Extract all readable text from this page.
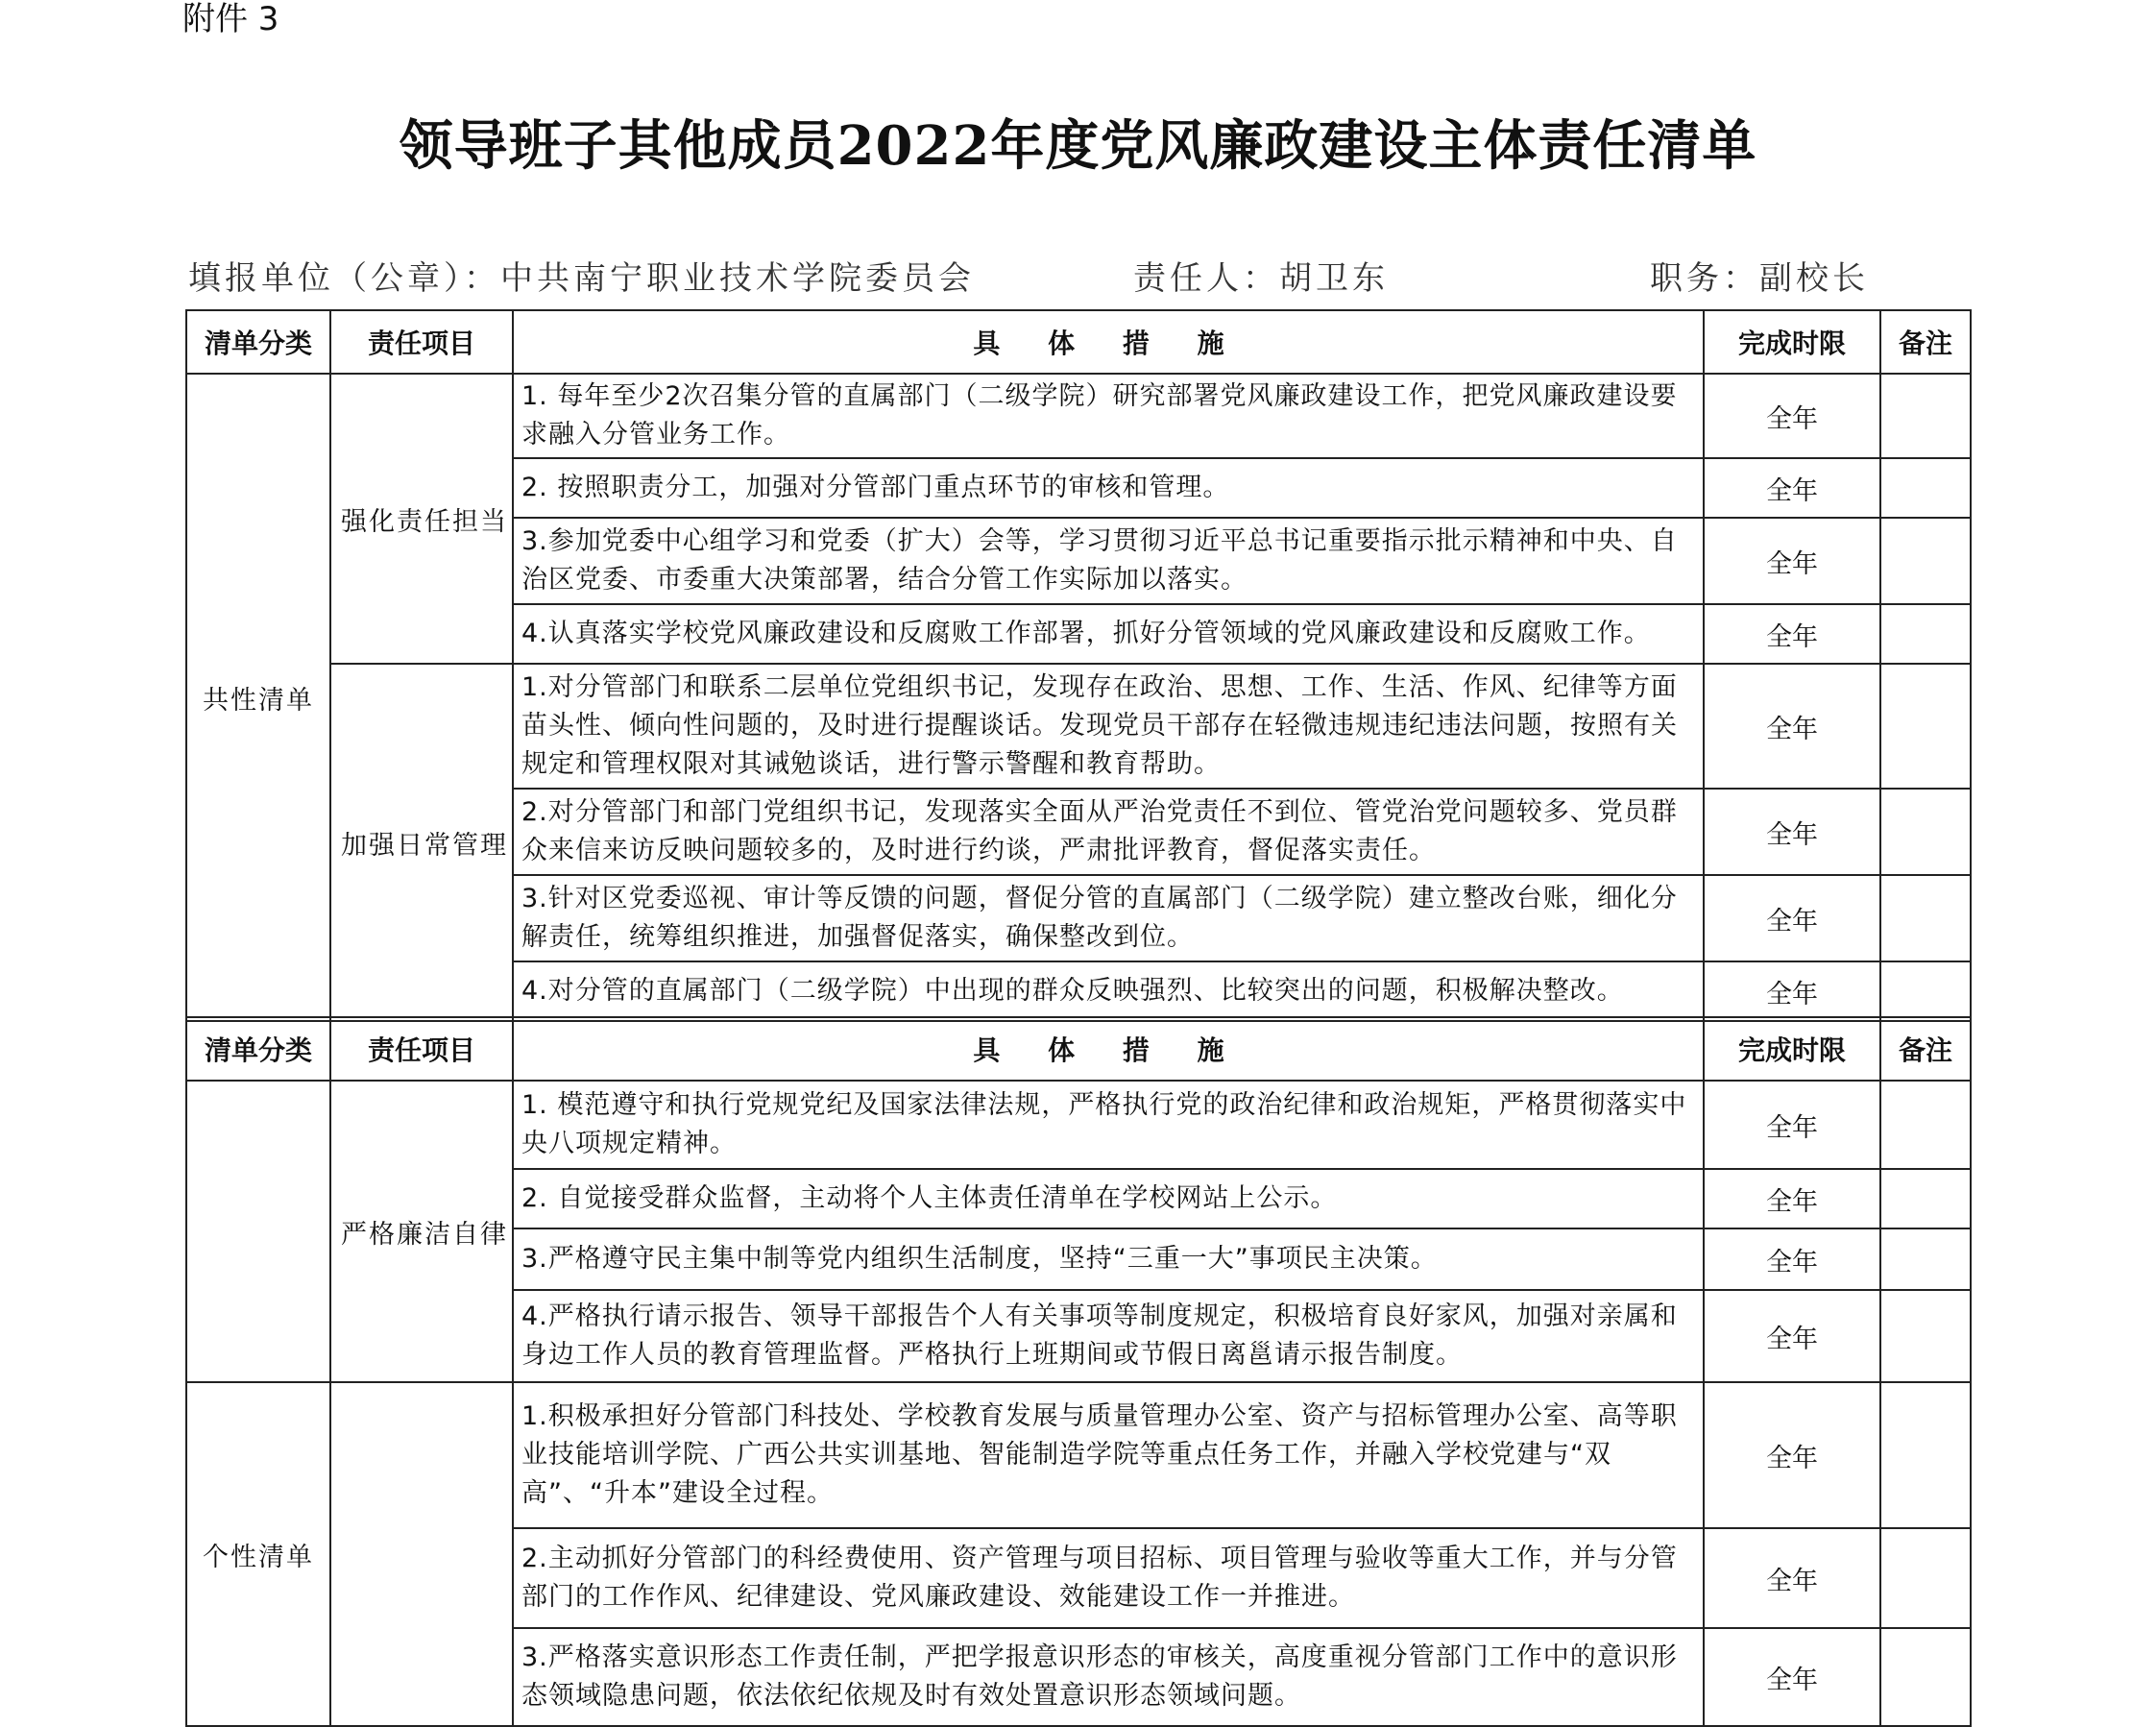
附件 3
领导班子其他成员2022年度党风廉政建设主体责任清单
填报单位（公章）：中共南宁职业技术学院委员会	责任人：胡卫东	职务：副校长
清单分类	责任项目	具 体 措 施	完成时限	备注
共性清单	强化责任担当	1. 每年至少2次召集分管的直属部门（二级学院）研究部署党风廉政建设工作，把党风廉政建设要求融入分管业务工作。	全年	
		2. 按照职责分工，加强对分管部门重点环节的审核和管理。	全年	
		3.参加党委中心组学习和党委（扩大）会等，学习贯彻习近平总书记重要指示批示精神和中央、自治区党委、市委重大决策部署，结合分管工作实际加以落实。	全年	
		4.认真落实学校党风廉政建设和反腐败工作部署，抓好分管领域的党风廉政建设和反腐败工作。	全年	
	加强日常管理	1.对分管部门和联系二层单位党组织书记，发现存在政治、思想、工作、生活、作风、纪律等方面苗头性、倾向性问题的，及时进行提醒谈话。发现党员干部存在轻微违规违纪违法问题，按照有关规定和管理权限对其诫勉谈话，进行警示警醒和教育帮助。	全年	
		2.对分管部门和部门党组织书记，发现落实全面从严治党责任不到位、管党治党问题较多、党员群众来信来访反映问题较多的，及时进行约谈，严肃批评教育，督促落实责任。	全年	
		3.针对区党委巡视、审计等反馈的问题，督促分管的直属部门（二级学院）建立整改台账，细化分解责任，统筹组织推进，加强督促落实，确保整改到位。	全年	
		4.对分管的直属部门（二级学院）中出现的群众反映强烈、比较突出的问题，积极解决整改。	全年	
清单分类	责任项目	具 体 措 施	完成时限	备注
	严格廉洁自律	1. 模范遵守和执行党规党纪及国家法律法规，严格执行党的政治纪律和政治规矩，严格贯彻落实中央八项规定精神。	全年	
		2. 自觉接受群众监督，主动将个人主体责任清单在学校网站上公示。	全年	
		3.严格遵守民主集中制等党内组织生活制度，坚持“三重一大”事项民主决策。	全年	
		4.严格执行请示报告、领导干部报告个人有关事项等制度规定，积极培育良好家风，加强对亲属和身边工作人员的教育管理监督。严格执行上班期间或节假日离邕请示报告制度。	全年	
个性清单		1.积极承担好分管部门科技处、学校教育发展与质量管理办公室、资产与招标管理办公室、高等职业技能培训学院、广西公共实训基地、智能制造学院等重点任务工作，并融入学校党建与“双高”、“升本”建设全过程。	全年	
		2.主动抓好分管部门的科经费使用、资产管理与项目招标、项目管理与验收等重大工作，并与分管部门的工作作风、纪律建设、党风廉政建设、效能建设工作一并推进。	全年	
		3.严格落实意识形态工作责任制，严把学报意识形态的审核关，高度重视分管部门工作中的意识形态领域隐患问题，依法依纪依规及时有效处置意识形态领域问题。	全年	
